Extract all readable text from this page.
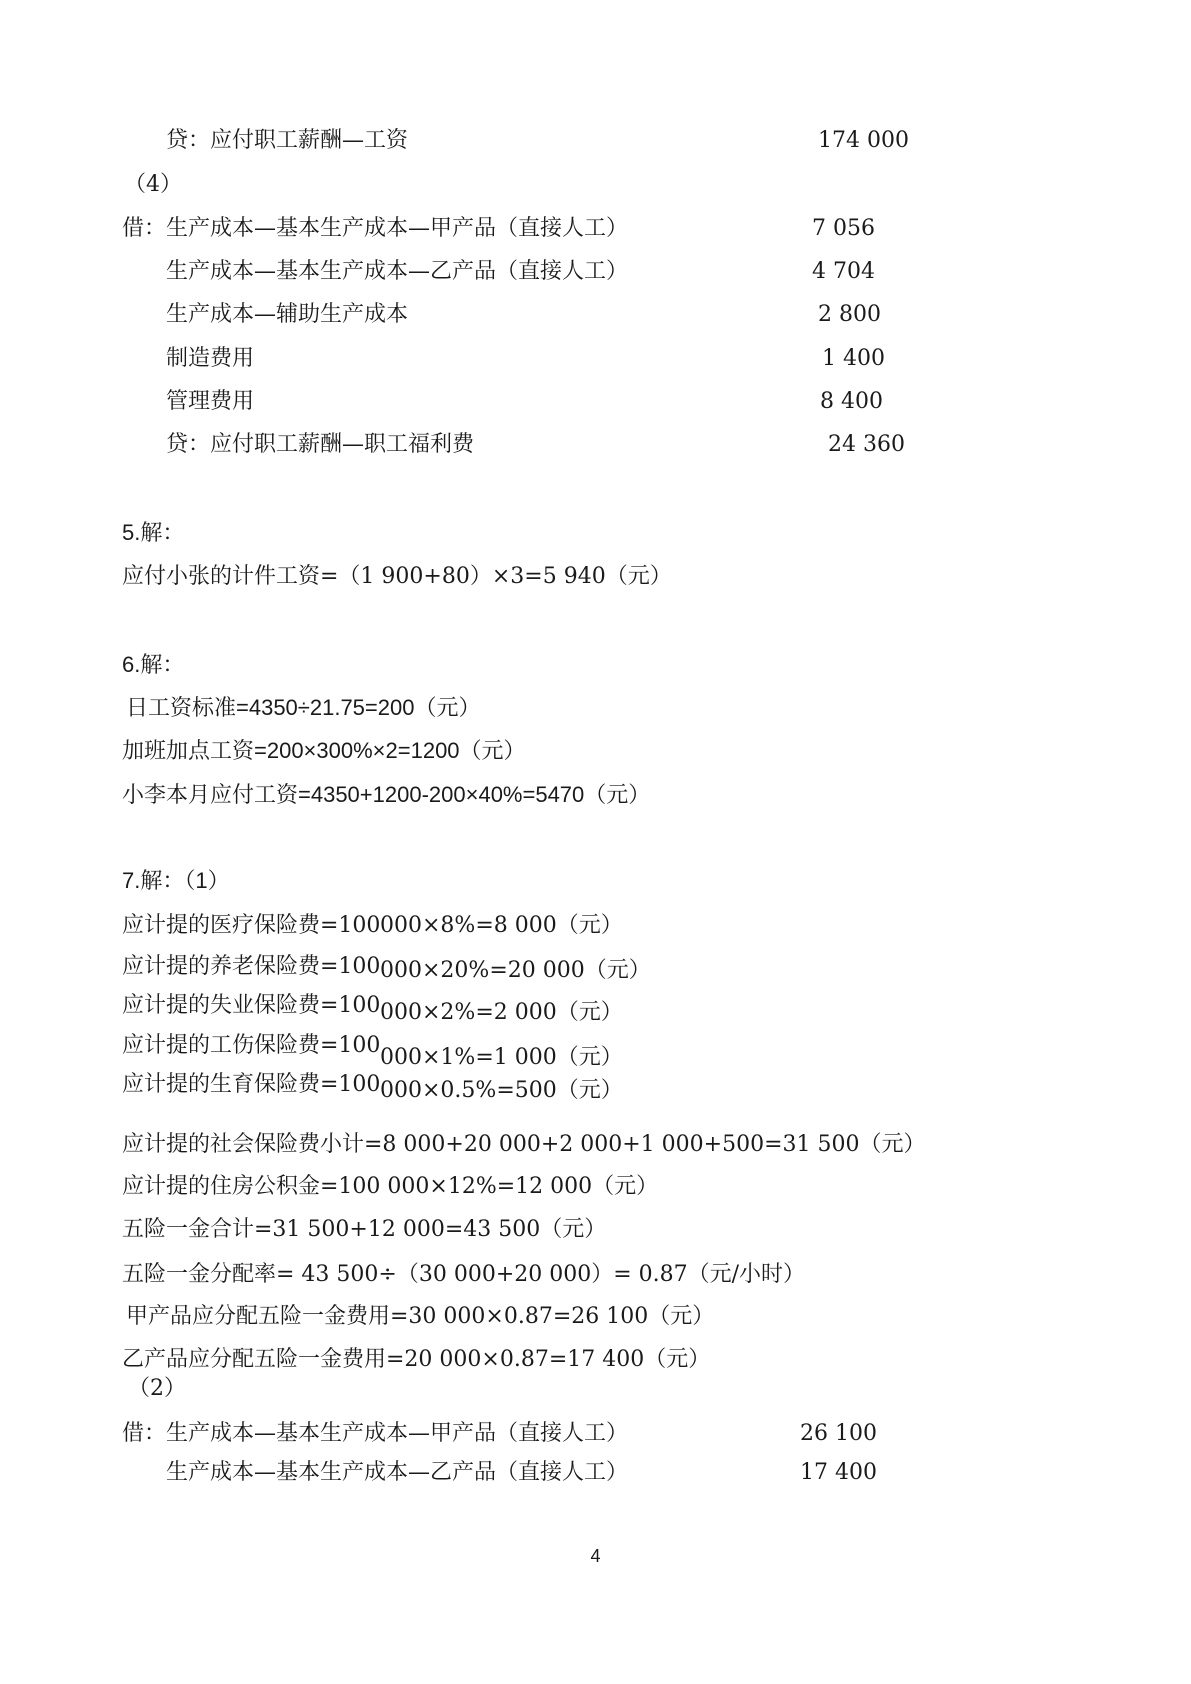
贷：应付职工薪酬—工资	174 000
（4）
借：生产成本—基本生产成本—甲产品（直接人工）	7 056
生产成本—基本生产成本—乙产品（直接人工）	4 704
生产成本—辅助生产成本	2 800
制造费用	1 400
管理费用	8 400
贷：应付职工薪酬—职工福利费	24 360
5.解：
应付小张的计件工资=（1 900+80）×3=5 940（元）
6.解：
日工资标准=4350÷21.75=200（元）
加班加点工资=200×300%×2=1200（元）
小李本月应付工资=4350+1200-200×40%=5470（元）
7.解：（1）
应计提的医疗保险费=100 000×8%=8 000（元）
应计提的养老保险费=100 000×20%=20 000（元）
应计提的失业保险费=100 000×2%=2 000（元）
应计提的工伤保险费=100 000×1%=1 000（元）
应计提的生育保险费=100 000×0.5%=500（元）
应计提的社会保险费小计=8 000+20 000+2 000+1 000+500=31 500（元）
应计提的住房公积金=100 000×12%=12 000（元）
五险一金合计=31 500+12 000=43 500（元）
五险一金分配率= 43 500÷（30 000+20 000）= 0.87（元/小时）
甲产品应分配五险一金费用=30 000×0.87=26 100（元）
乙产品应分配五险一金费用=20 000×0.87=17 400（元）
（2）
借：生产成本—基本生产成本—甲产品（直接人工）	26 100
生产成本—基本生产成本—乙产品（直接人工）	17 400
4
